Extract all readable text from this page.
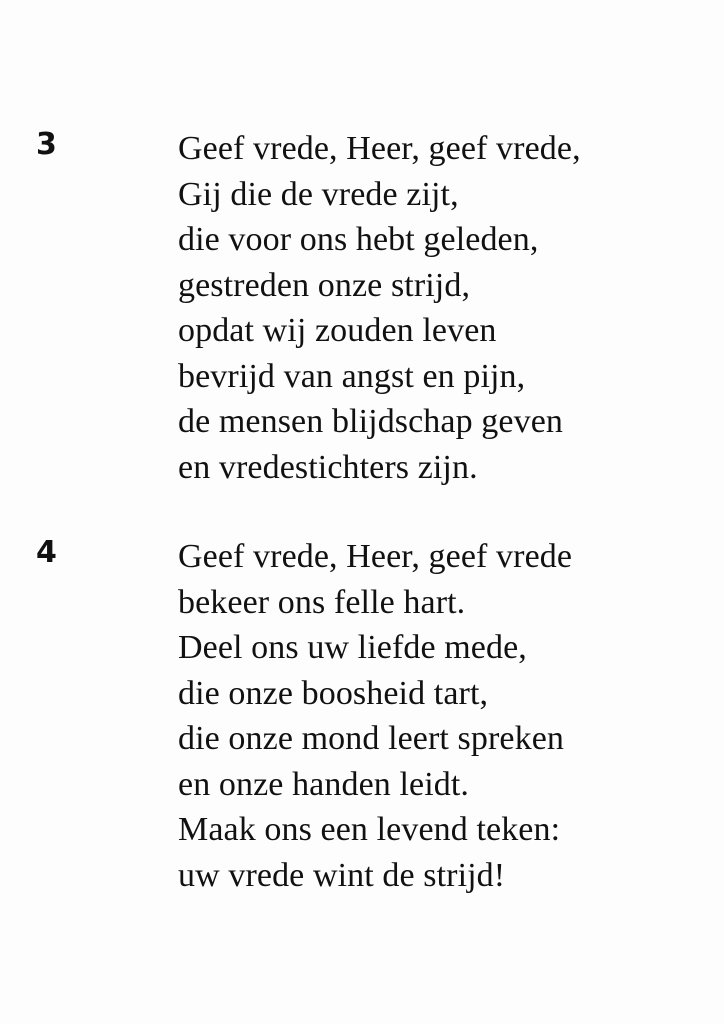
3	Geef vrede, Heer, geef vrede,
Gij die de vrede zijt,
die voor ons hebt geleden,
gestreden onze strijd,
opdat wij zouden leven
bevrijd van angst en pijn,
de mensen blijdschap geven
en vredestichters zijn.
4	Geef vrede, Heer, geef vrede
bekeer ons felle hart.
Deel ons uw liefde mede,
die onze boosheid tart,
die onze mond leert spreken
en onze handen leidt.
Maak ons een levend teken:
uw vrede wint de strijd!
